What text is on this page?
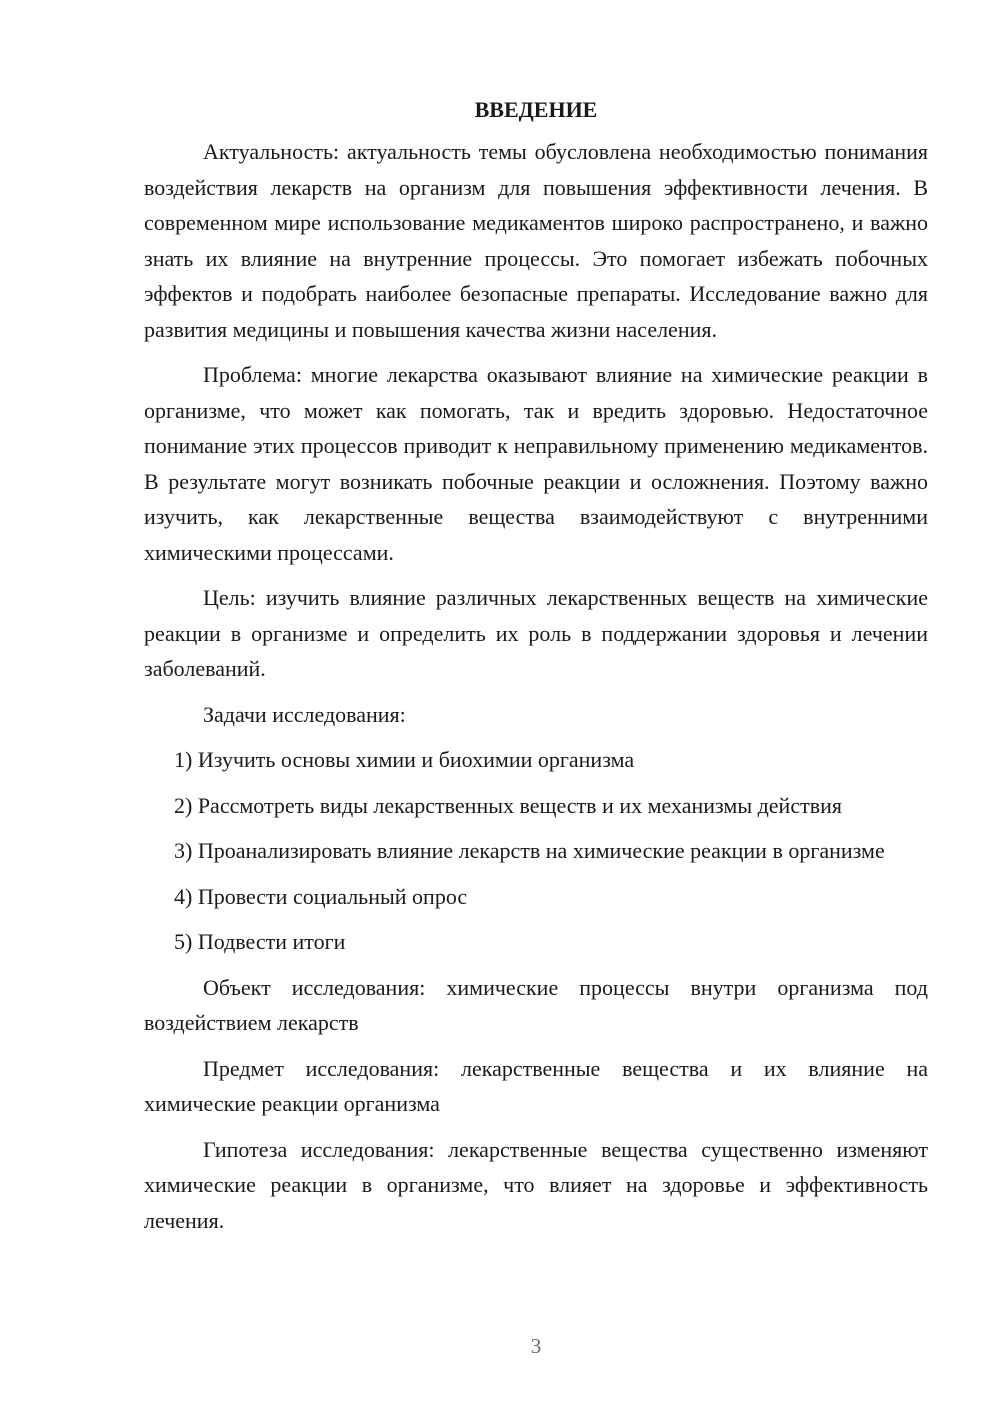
ВВЕДЕНИЕ

Актуальность: актуальность темы обусловлена необходимостью понимания воздействия лекарств на организм для повышения эффективности лечения. В современном мире использование медикаментов широко распространено, и важно знать их влияние на внутренние процессы. Это помогает избежать побочных эффектов и подобрать наиболее безопасные препараты. Исследование важно для развития медицины и повышения качества жизни населения.

Проблема: многие лекарства оказывают влияние на химические реакции в организме, что может как помогать, так и вредить здоровью. Недостаточное понимание этих процессов приводит к неправильному применению медикаментов. В результате могут возникать побочные реакции и осложнения. Поэтому важно изучить, как лекарственные вещества взаимодействуют с внутренними химическими процессами.

Цель: изучить влияние различных лекарственных веществ на химические реакции в организме и определить их роль в поддержании здоровья и лечении заболеваний.

Задачи исследования:

1) Изучить основы химии и биохимии организма

2) Рассмотреть виды лекарственных веществ и их механизмы действия

3) Проанализировать влияние лекарств на химические реакции в организме

4) Провести социальный опрос

5) Подвести итоги

Объект исследования: химические процессы внутри организма под воздействием лекарств

Предмет исследования: лекарственные вещества и их влияние на химические реакции организма

Гипотеза исследования: лекарственные вещества существенно изменяют химические реакции в организме, что влияет на здоровье и эффективность лечения.

3
